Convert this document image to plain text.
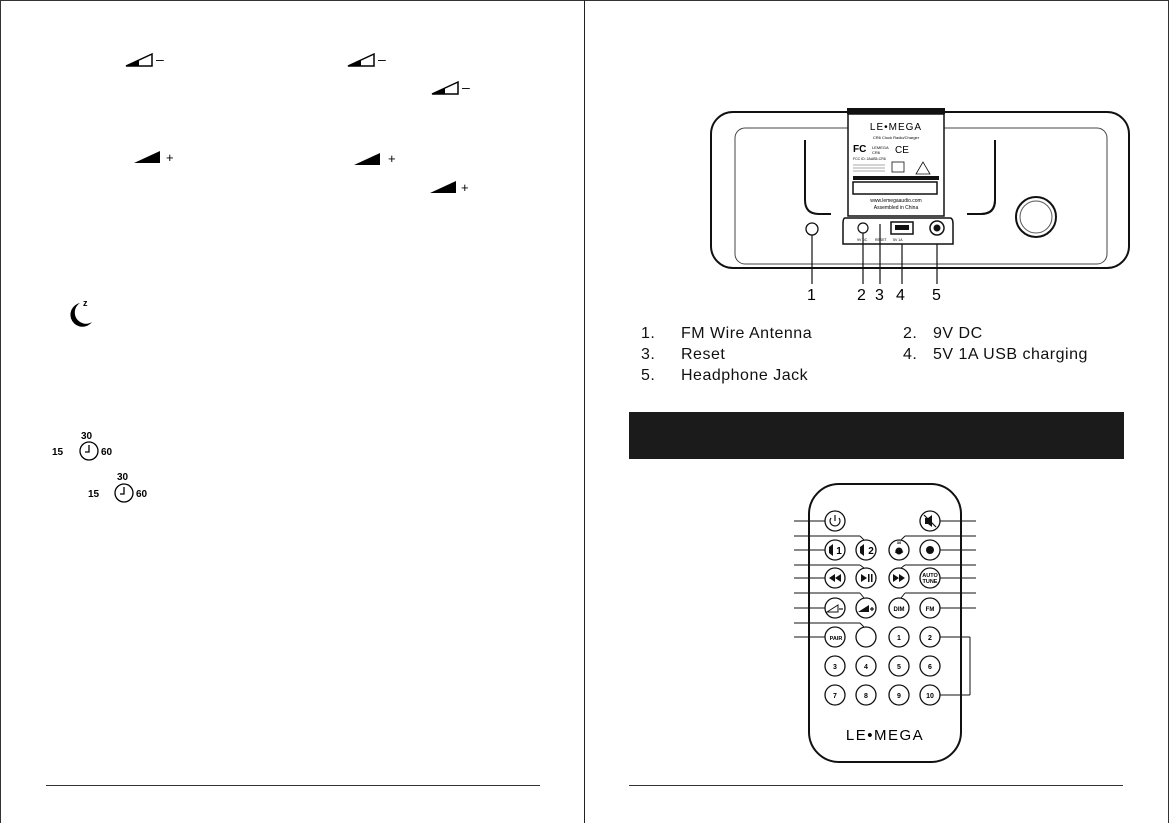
–	–
–
+	+
+
z
30
15	60
30
15	60
LE•MEGA
CR6 Clock Radio/Charger
FC LEMEGA
CR6 CE
FCC ID: 2AAB5-CR6
www.lemegaaudio.com
Assembled in China
9V DC RESET 5V 1A
1	2 3 4 5
1. FM Wire Antenna	2. 9V DC
3. Reset	4. 5V 1A USB charging
5. Headphone Jack
1	2
30
15 60
AUTO
TUNE
DIM	FM
PAIR	1	2
3	4	5	6
7	8	9	10
LE•MEGA
